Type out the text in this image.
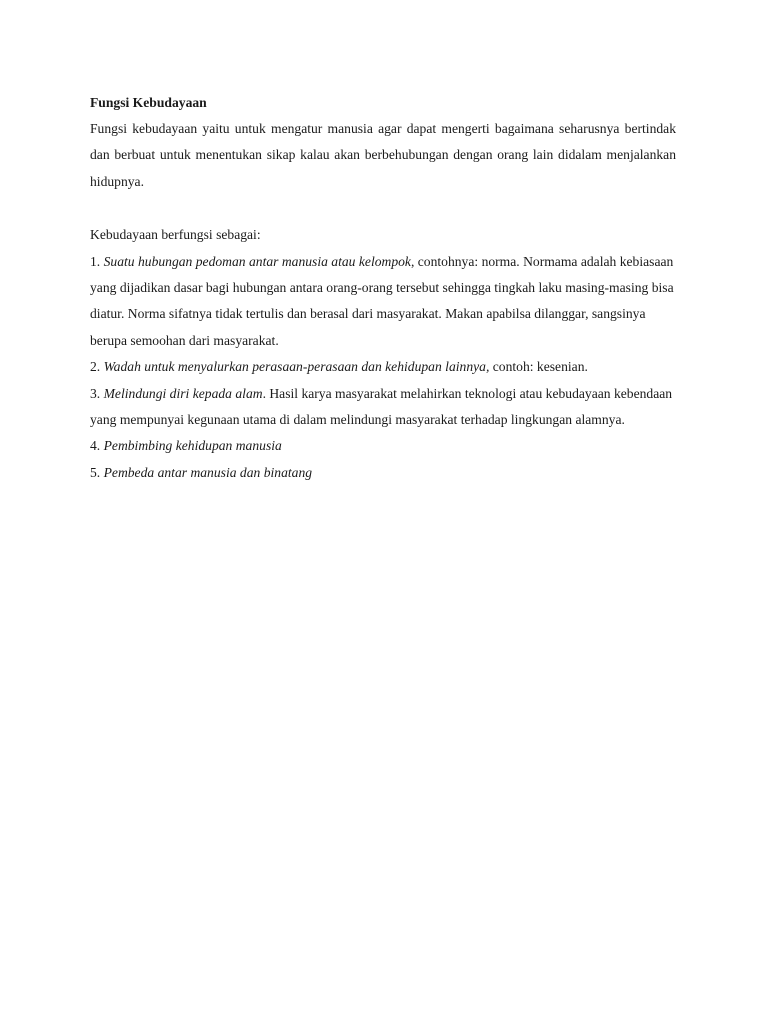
Fungsi Kebudayaan

Fungsi kebudayaan yaitu untuk mengatur manusia agar dapat mengerti bagaimana seharusnya bertindak dan berbuat untuk menentukan sikap kalau akan berbehubungan dengan orang lain didalam menjalankan hidupnya.

Kebudayaan berfungsi sebagai:

1. Suatu hubungan pedoman antar manusia atau kelompok, contohnya: norma. Normama adalah kebiasaan yang dijadikan dasar bagi hubungan antara orang-orang tersebut sehingga tingkah laku masing-masing bisa diatur. Norma sifatnya tidak tertulis dan berasal dari masyarakat. Makan apabilsa dilanggar, sangsinya berupa semoohan dari masyarakat.

2. Wadah untuk menyalurkan perasaan-perasaan dan kehidupan lainnya, contoh: kesenian.

3. Melindungi diri kepada alam. Hasil karya masyarakat melahirkan teknologi atau kebudayaan kebendaan yang mempunyai kegunaan utama di dalam melindungi masyarakat terhadap lingkungan alamnya.

4. Pembimbing kehidupan manusia

5. Pembeda antar manusia dan binatang
